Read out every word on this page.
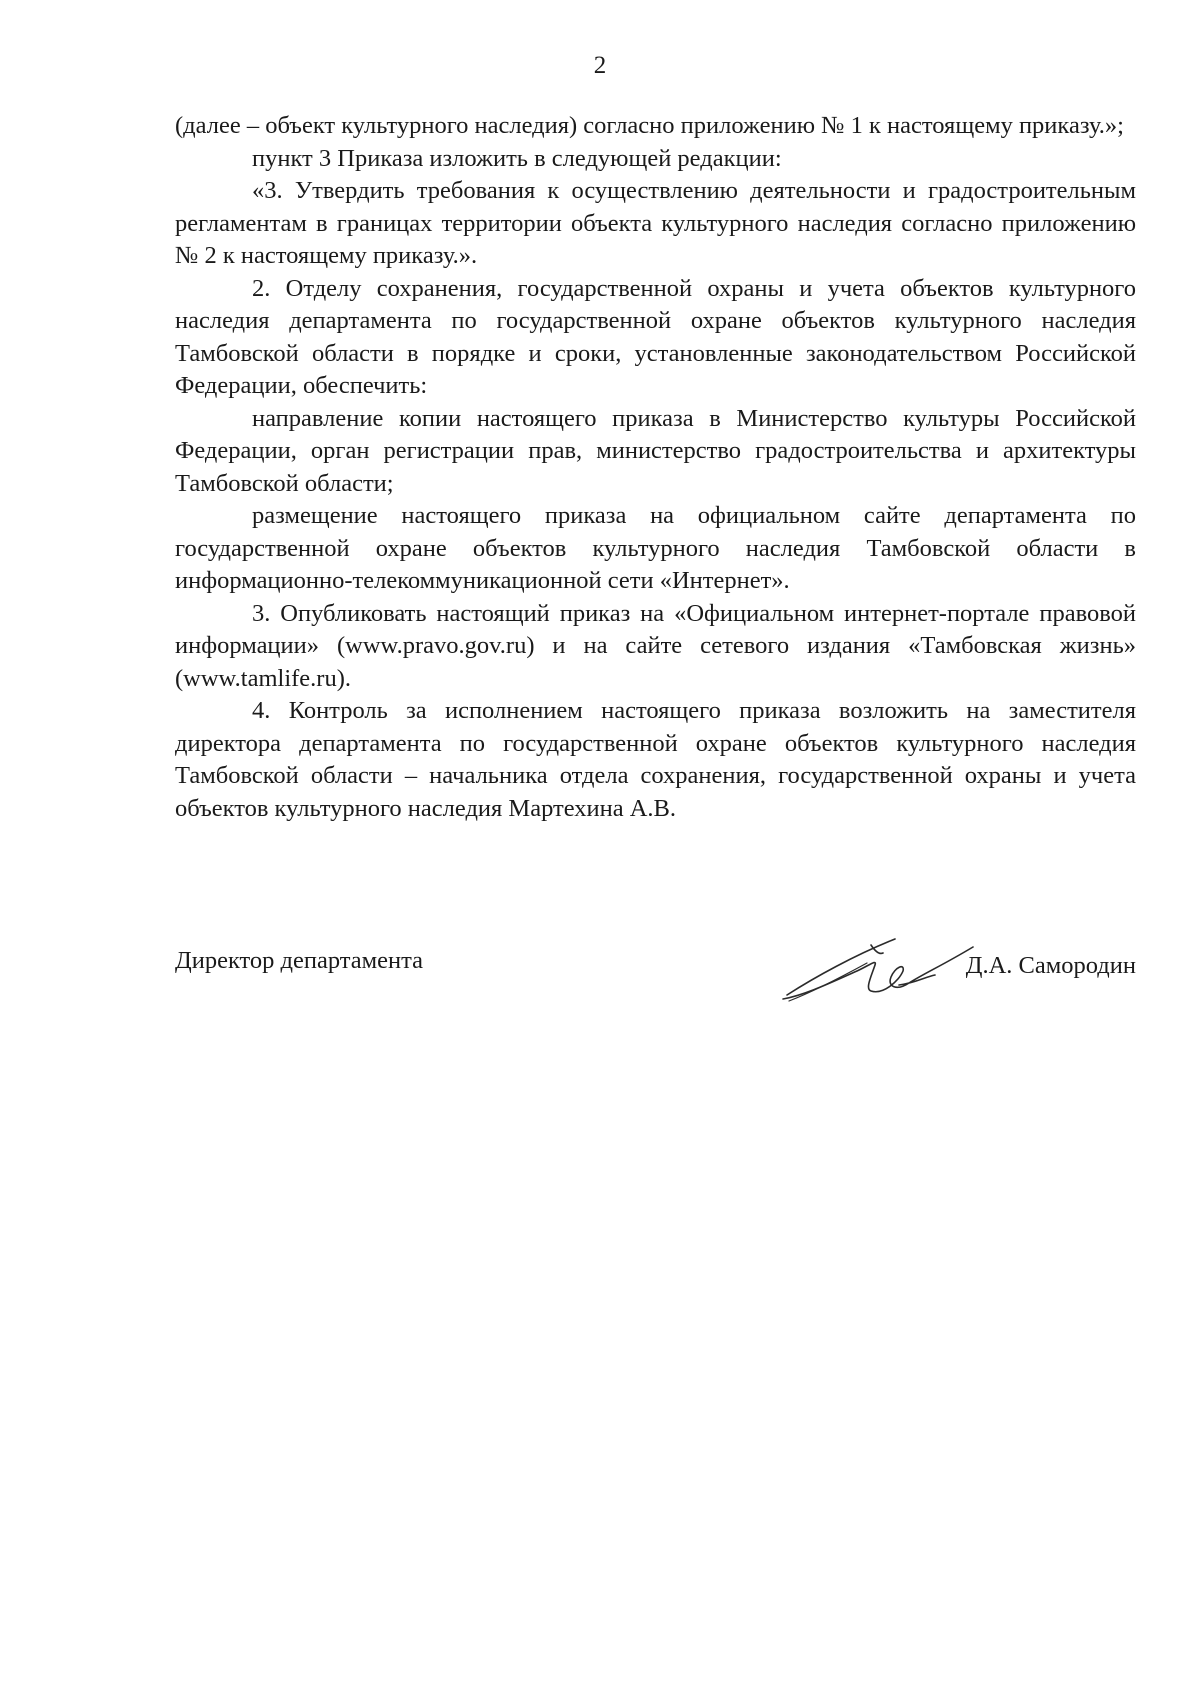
2

(далее – объект культурного наследия) согласно приложению № 1 к настоящему приказу.»;

пункт 3 Приказа изложить в следующей редакции:

«3. Утвердить требования к осуществлению деятельности и градостроительным регламентам в границах территории объекта культурного наследия согласно приложению № 2 к настоящему приказу.».

2. Отделу сохранения, государственной охраны и учета объектов культурного наследия департамента по государственной охране объектов культурного наследия Тамбовской области в порядке и сроки, установленные законодательством Российской Федерации, обеспечить:

направление копии настоящего приказа в Министерство культуры Российской Федерации, орган регистрации прав, министерство градостроительства и архитектуры Тамбовской области;

размещение настоящего приказа на официальном сайте департамента по государственной охране объектов культурного наследия Тамбовской области в информационно-телекоммуникационной сети «Интернет».

3. Опубликовать настоящий приказ на «Официальном интернет-портале правовой информации» (www.pravo.gov.ru) и на сайте сетевого издания «Тамбовская жизнь» (www.tamlife.ru).

4. Контроль за исполнением настоящего приказа возложить на заместителя директора департамента по государственной охране объектов культурного наследия Тамбовской области – начальника отдела сохранения, государственной охраны и учета объектов культурного наследия Мартехина А.В.

Директор департамента	Д.А. Самородин
